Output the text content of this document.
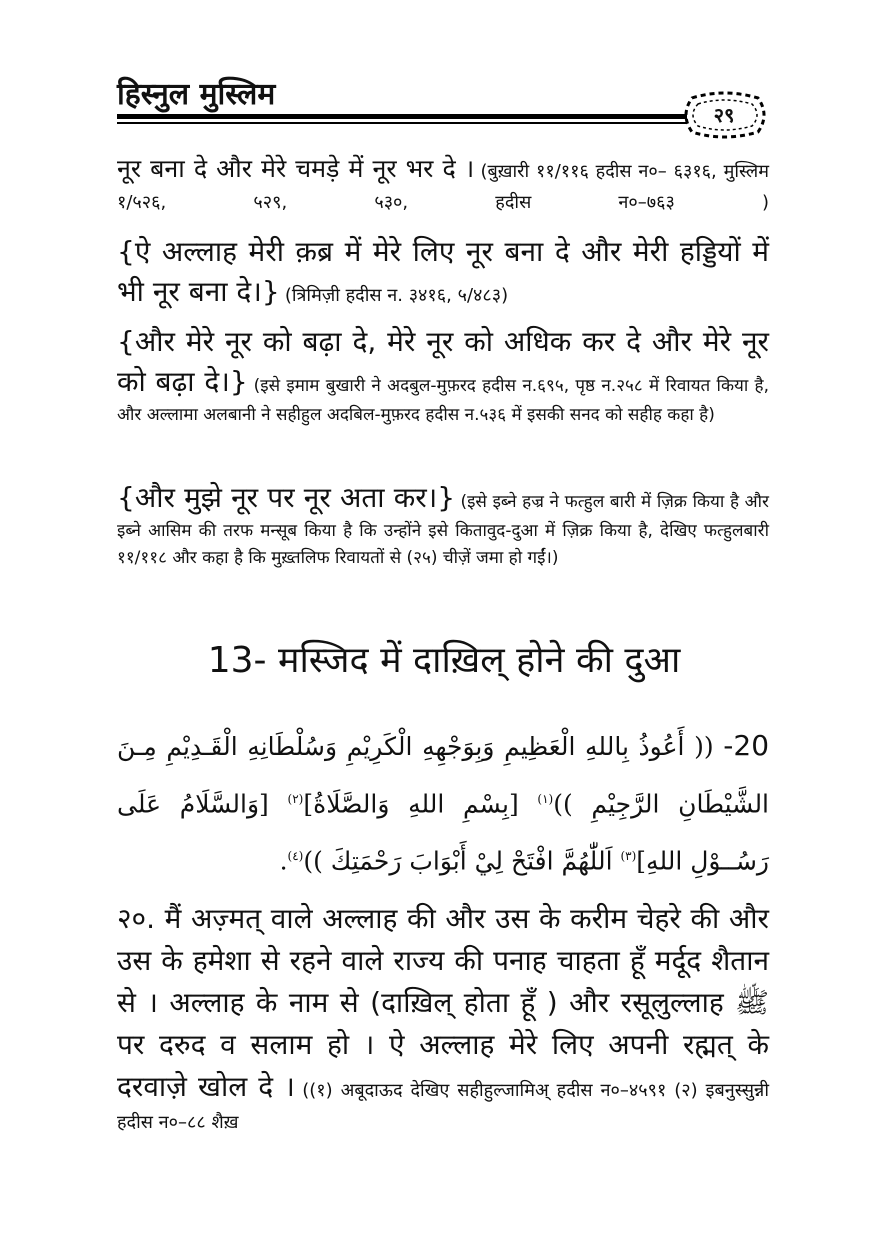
हिस्नुल मुस्लिम
२९
नूर बना दे और मेरे चमड़े में नूर भर दे । (बुख़ारी ११/११६ हदीस न०– ६३१६, मुस्लिम १/५२६, ५२९, ५३०, हदीस न०–७६३ )
{ऐ अल्लाह मेरी क़ब्र में मेरे लिए नूर बना दे और मेरी हड्डियों में भी नूर बना दे।} (त्रिमिज़ी हदीस न. ३४१६, ५/४८३)
{और मेरे नूर को बढ़ा दे, मेरे नूर को अधिक कर दे और मेरे नूर को बढ़ा दे।} (इसे इमाम बुखारी ने अदबुल-मुफ़रद हदीस न.६९५, पृष्ठ न.२५८ में रिवायत किया है, और अल्लामा अलबानी ने सहीहुल अदबिल-मुफ़रद हदीस न.५३६ में इसकी सनद को सहीह कहा है)
{और मुझे नूर पर नूर अता कर।} (इसे इब्ने हज्र ने फत्हुल बारी में ज़िक्र किया है और इब्ने आसिम की तरफ मन्सूब किया है कि उन्होंने इसे कितावुद-दुआ में ज़िक्र किया है, देखिए फत्हुलबारी ११/११८ और कहा है कि मुख़्तलिफ रिवायतों से (२५) चीज़ें जमा हो गईं।)
13- मस्जिद में दाख़िल् होने की दुआ
20- (( أَعُوذُ بِاللهِ الْعَظِيمِ وَبِوَجْهِهِ الْكَرِيْمِ وَسُلْطَانِهِ الْقَـدِيْمِ مِـنَ الشَّيْطَانِ الرَّجِيْمِ ))$^{(١)}$ [بِسْمِ اللهِ وَالصَّلَاةُ]$^{(٢)}$ [وَالسَّلَامُ عَلَى رَسُــوْلِ اللهِ]$^{(٣)}$ اَللّٰهُمَّ افْتَحْ لِيْ أَبْوَابَ رَحْمَتِكَ ))$^{(٤)}$.
२०. मैं अज़्मत् वाले अल्लाह की और उस के करीम चेहरे की और उस के हमेशा से रहने वाले राज्य की पनाह चाहता हूँ मर्दूद शैतान से । अल्लाह के नाम से (दाख़िल् होता हूँ ) और रसूलुल्लाह ﷺ पर दरुद व सलाम हो । ऐ अल्लाह मेरे लिए अपनी रह्मत् के दरवाज़े खोल दे । ((१) अबूदाऊद देखिए सहीहुल्जामिअ् हदीस न०–४५९१ (२) इबनुस्सुन्नी हदीस न०–८८ शैख़
